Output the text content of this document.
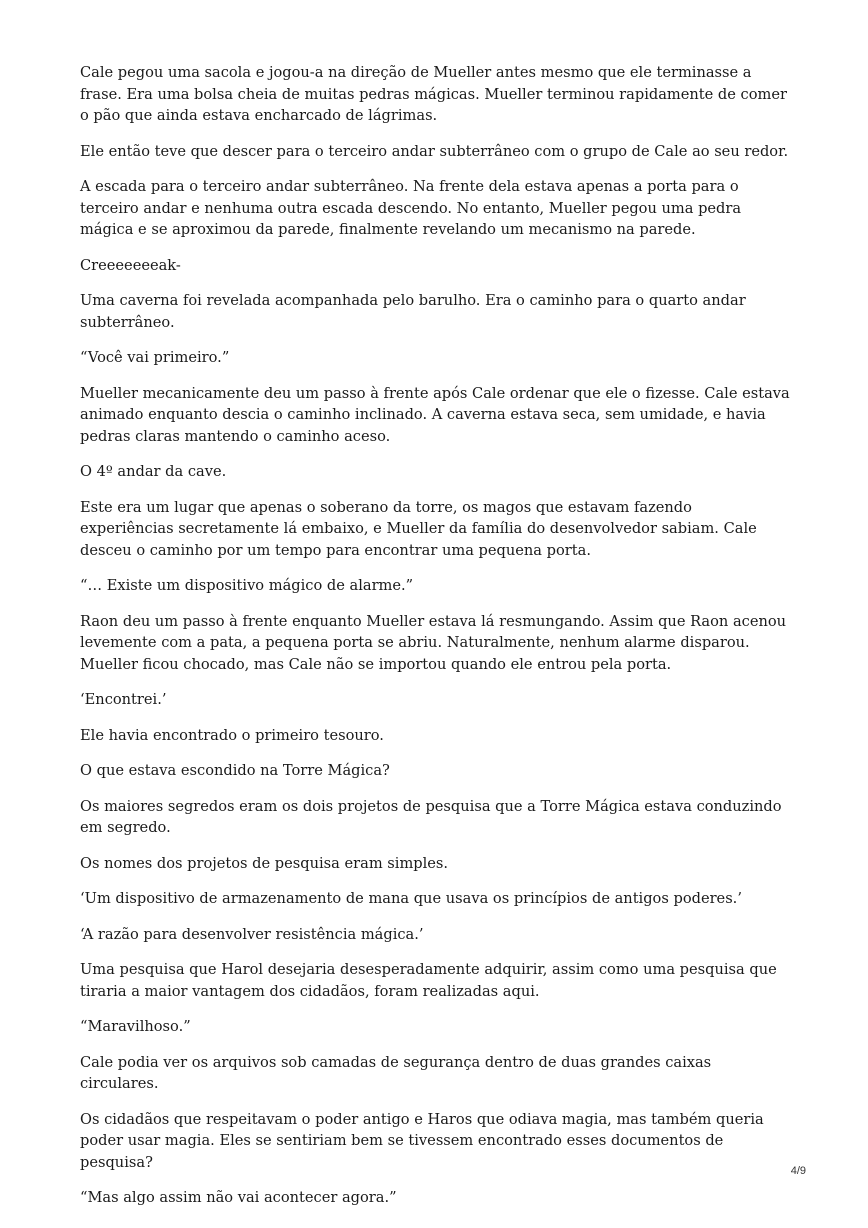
Cale pegou uma sacola e jogou-a na direção de Mueller antes mesmo que ele terminasse a frase. Era uma bolsa cheia de muitas pedras mágicas. Mueller terminou rapidamente de comer o pão que ainda estava encharcado de lágrimas.

Ele então teve que descer para o terceiro andar subterrâneo com o grupo de Cale ao seu redor.

A escada para o terceiro andar subterrâneo. Na frente dela estava apenas a porta para o terceiro andar e nenhuma outra escada descendo. No entanto, Mueller pegou uma pedra mágica e se aproximou da parede, finalmente revelando um mecanismo na parede.

Creeeeeeeak-

Uma caverna foi revelada acompanhada pelo barulho. Era o caminho para o quarto andar subterrâneo.

“Você vai primeiro.”

Mueller mecanicamente deu um passo à frente após Cale ordenar que ele o fizesse. Cale estava animado enquanto descia o caminho inclinado. A caverna estava seca, sem umidade, e havia pedras claras mantendo o caminho aceso.

O 4º andar da cave.

Este era um lugar que apenas o soberano da torre, os magos que estavam fazendo experiências secretamente lá embaixo, e Mueller da família do desenvolvedor sabiam. Cale desceu o caminho por um tempo para encontrar uma pequena porta.

“… Existe um dispositivo mágico de alarme.”

Raon deu um passo à frente enquanto Mueller estava lá resmungando. Assim que Raon acenou levemente com a pata, a pequena porta se abriu. Naturalmente, nenhum alarme disparou. Mueller ficou chocado, mas Cale não se importou quando ele entrou pela porta.

‘Encontrei.’

Ele havia encontrado o primeiro tesouro.

O que estava escondido na Torre Mágica?

Os maiores segredos eram os dois projetos de pesquisa que a Torre Mágica estava conduzindo em segredo.

Os nomes dos projetos de pesquisa eram simples.

‘Um dispositivo de armazenamento de mana que usava os princípios de antigos poderes.’

‘A razão para desenvolver resistência mágica.’

Uma pesquisa que Harol desejaria desesperadamente adquirir, assim como uma pesquisa que tiraria a maior vantagem dos cidadãos, foram realizadas aqui.

“Maravilhoso.”

Cale podia ver os arquivos sob camadas de segurança dentro de duas grandes caixas circulares.

Os cidadãos que respeitavam o poder antigo e Haros que odiava magia, mas também queria poder usar magia. Eles se sentiriam bem se tivessem encontrado esses documentos de pesquisa?

“Mas algo assim não vai acontecer agora.”

4/9
